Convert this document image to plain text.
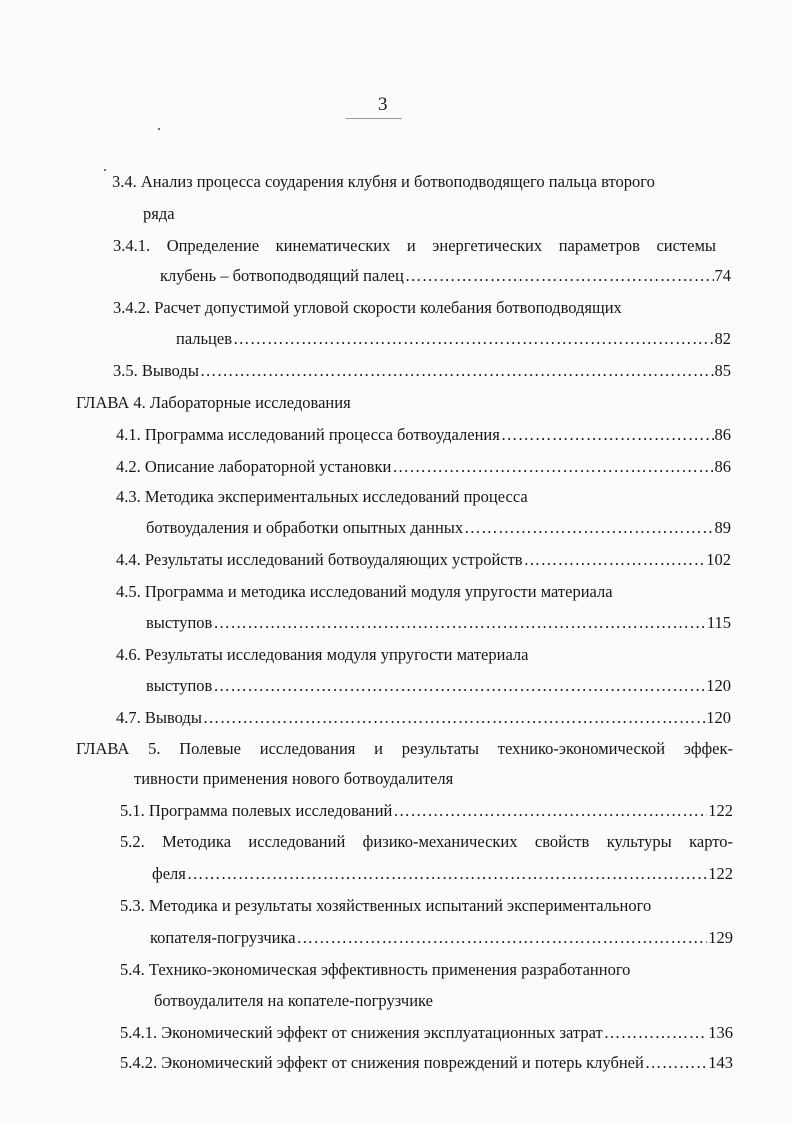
3
3.4. Анализ процесса соударения клубня и ботвоподводящего пальца второго
ряда
3.4.1. Определение кинематических и энергетических параметров системы
клубень – ботвоподводящий палец ……………………………………………………………………………………………………………………………………………………………………………………………	74
3.4.2. Расчет допустимой угловой скорости колебания ботвоподводящих
пальцев ……………………………………………………………………………………………………………………………………………………………………………………………	82
3.5. Выводы ……………………………………………………………………………………………………………………………………………………………………………………………	85
ГЛАВА 4. Лабораторные исследования
4.1. Программа исследований процесса ботвоудаления ……………………………………………………………………………………………………………………………………………………………………………………………	86
4.2. Описание лабораторной установки ……………………………………………………………………………………………………………………………………………………………………………………………	86
4.3. Методика экспериментальных исследований процесса
ботвоудаления и обработки опытных данных ……………………………………………………………………………………………………………………………………………………………………………………………	89
4.4. Результаты исследований ботвоудаляющих устройств ……………………………………………………………………………………………………………………………………………………………………………………………	102
4.5. Программа и методика исследований модуля упругости материала
выступов ……………………………………………………………………………………………………………………………………………………………………………………………	115
4.6. Результаты исследования модуля упругости материала
выступов ……………………………………………………………………………………………………………………………………………………………………………………………	120
4.7. Выводы ……………………………………………………………………………………………………………………………………………………………………………………………	120
ГЛАВА 5. Полевые исследования и результаты технико-экономической эффек-
тивности применения нового ботвоудалителя
5.1. Программа полевых исследований ……………………………………………………………………………………………………………………………………………………………………………………………	122
5.2. Методика исследований физико-механических свойств культуры карто-
феля ……………………………………………………………………………………………………………………………………………………………………………………………	122
5.3. Методика и результаты хозяйственных испытаний экспериментального
копателя-погрузчика ……………………………………………………………………………………………………………………………………………………………………………………………	129
5.4. Технико-экономическая эффективность применения разработанного
ботвоудалителя на копателе-погрузчике
5.4.1. Экономический эффект от снижения эксплуатационных затрат ……………………………………………………………………………………………………………………………………………………………………………………………	136
5.4.2. Экономический эффект от снижения повреждений и потерь клубней ……………………………………………………………………………………………………………………………………………………………………………………………	143
